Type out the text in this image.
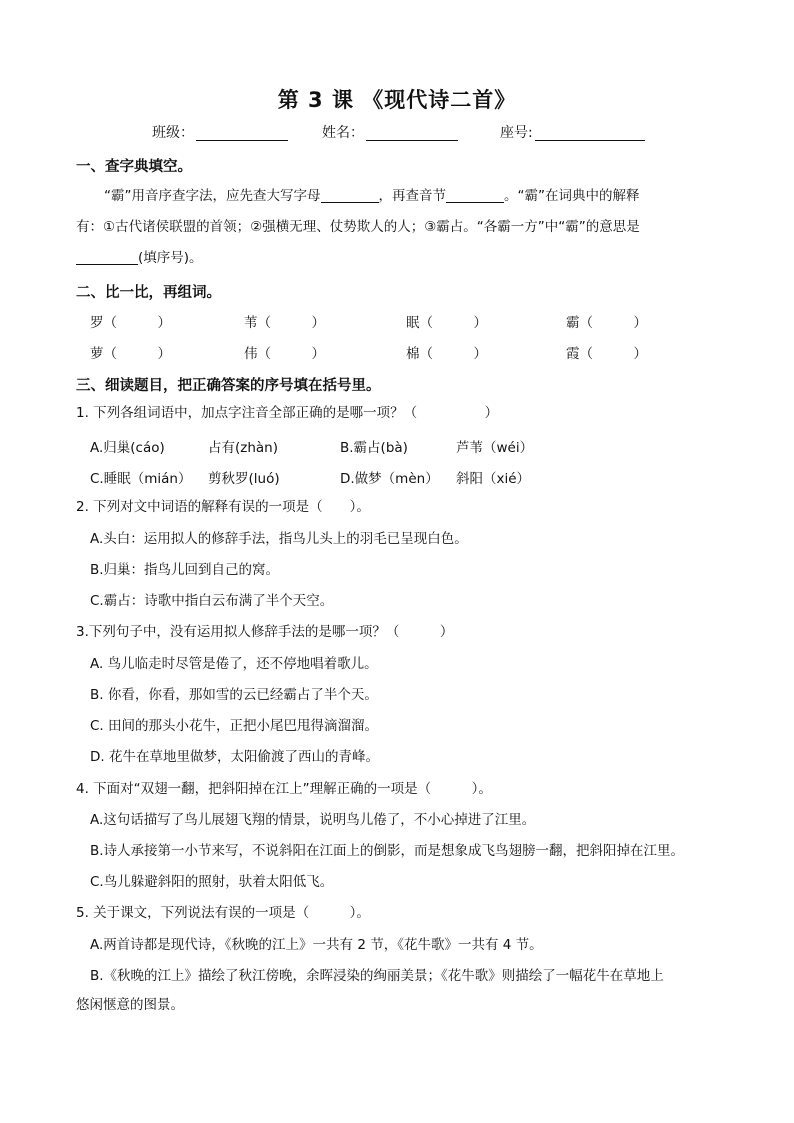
第 3 课 《现代诗二首》
班级：	姓名：	座号:
一、查字典填空。
“霸”用音序查字法，应先查大写字母	，再查音节	。“霸”在词典中的解释
有：①古代诸侯联盟的首领；②强横无理、仗势欺人的人；③霸占。“各霸一方”中“霸”的意思是
(填序号)。
二、比一比，再组词。
罗（　　　）	苇（　　　）	眠（　　　）	霸（　　　）
萝（　　　）	伟（　　　）	棉（　　　）	霞（　　　）
三、细读题目，把正确答案的序号填在括号里。
1. 下列各组词语中，加点字注音全部正确的是哪一项？（　　　　　）
A.归巢(cáo)	占有(zhàn)	B.霸占(bà)	芦苇（wéi）
C.睡眠（mián） 剪秋罗(luó)	D.做梦（mèn） 斜阳（xié）
2. 下列对文中词语的解释有误的一项是（　　）。
A.头白：运用拟人的修辞手法，指鸟儿头上的羽毛已呈现白色。
B.归巢：指鸟儿回到自己的窝。
C.霸占：诗歌中指白云布满了半个天空。
3.下列句子中，没有运用拟人修辞手法的是哪一项？（　　　）
A. 鸟儿临走时尽管是倦了，还不停地唱着歌儿。
B. 你看，你看，那如雪的云已经霸占了半个天。
C. 田间的那头小花牛，正把小尾巴甩得滴溜溜。
D. 花牛在草地里做梦，太阳偷渡了西山的青峰。
4. 下面对“双翅一翻，把斜阳掉在江上”理解正确的一项是（　　　）。
A.这句话描写了鸟儿展翅飞翔的情景，说明鸟儿倦了，不小心掉进了江里。
B.诗人承接第一小节来写，不说斜阳在江面上的倒影，而是想象成飞鸟翅膀一翻，把斜阳掉在江里。
C.鸟儿躲避斜阳的照射，驮着太阳低飞。
5. 关于课文，下列说法有误的一项是（　　　）。
A.两首诗都是现代诗，《秋晚的江上》一共有 2 节，《花牛歌》一共有 4 节。
B.《秋晚的江上》描绘了秋江傍晚，余晖浸染的绚丽美景；《花牛歌》则描绘了一幅花牛在草地上
悠闲惬意的图景。
